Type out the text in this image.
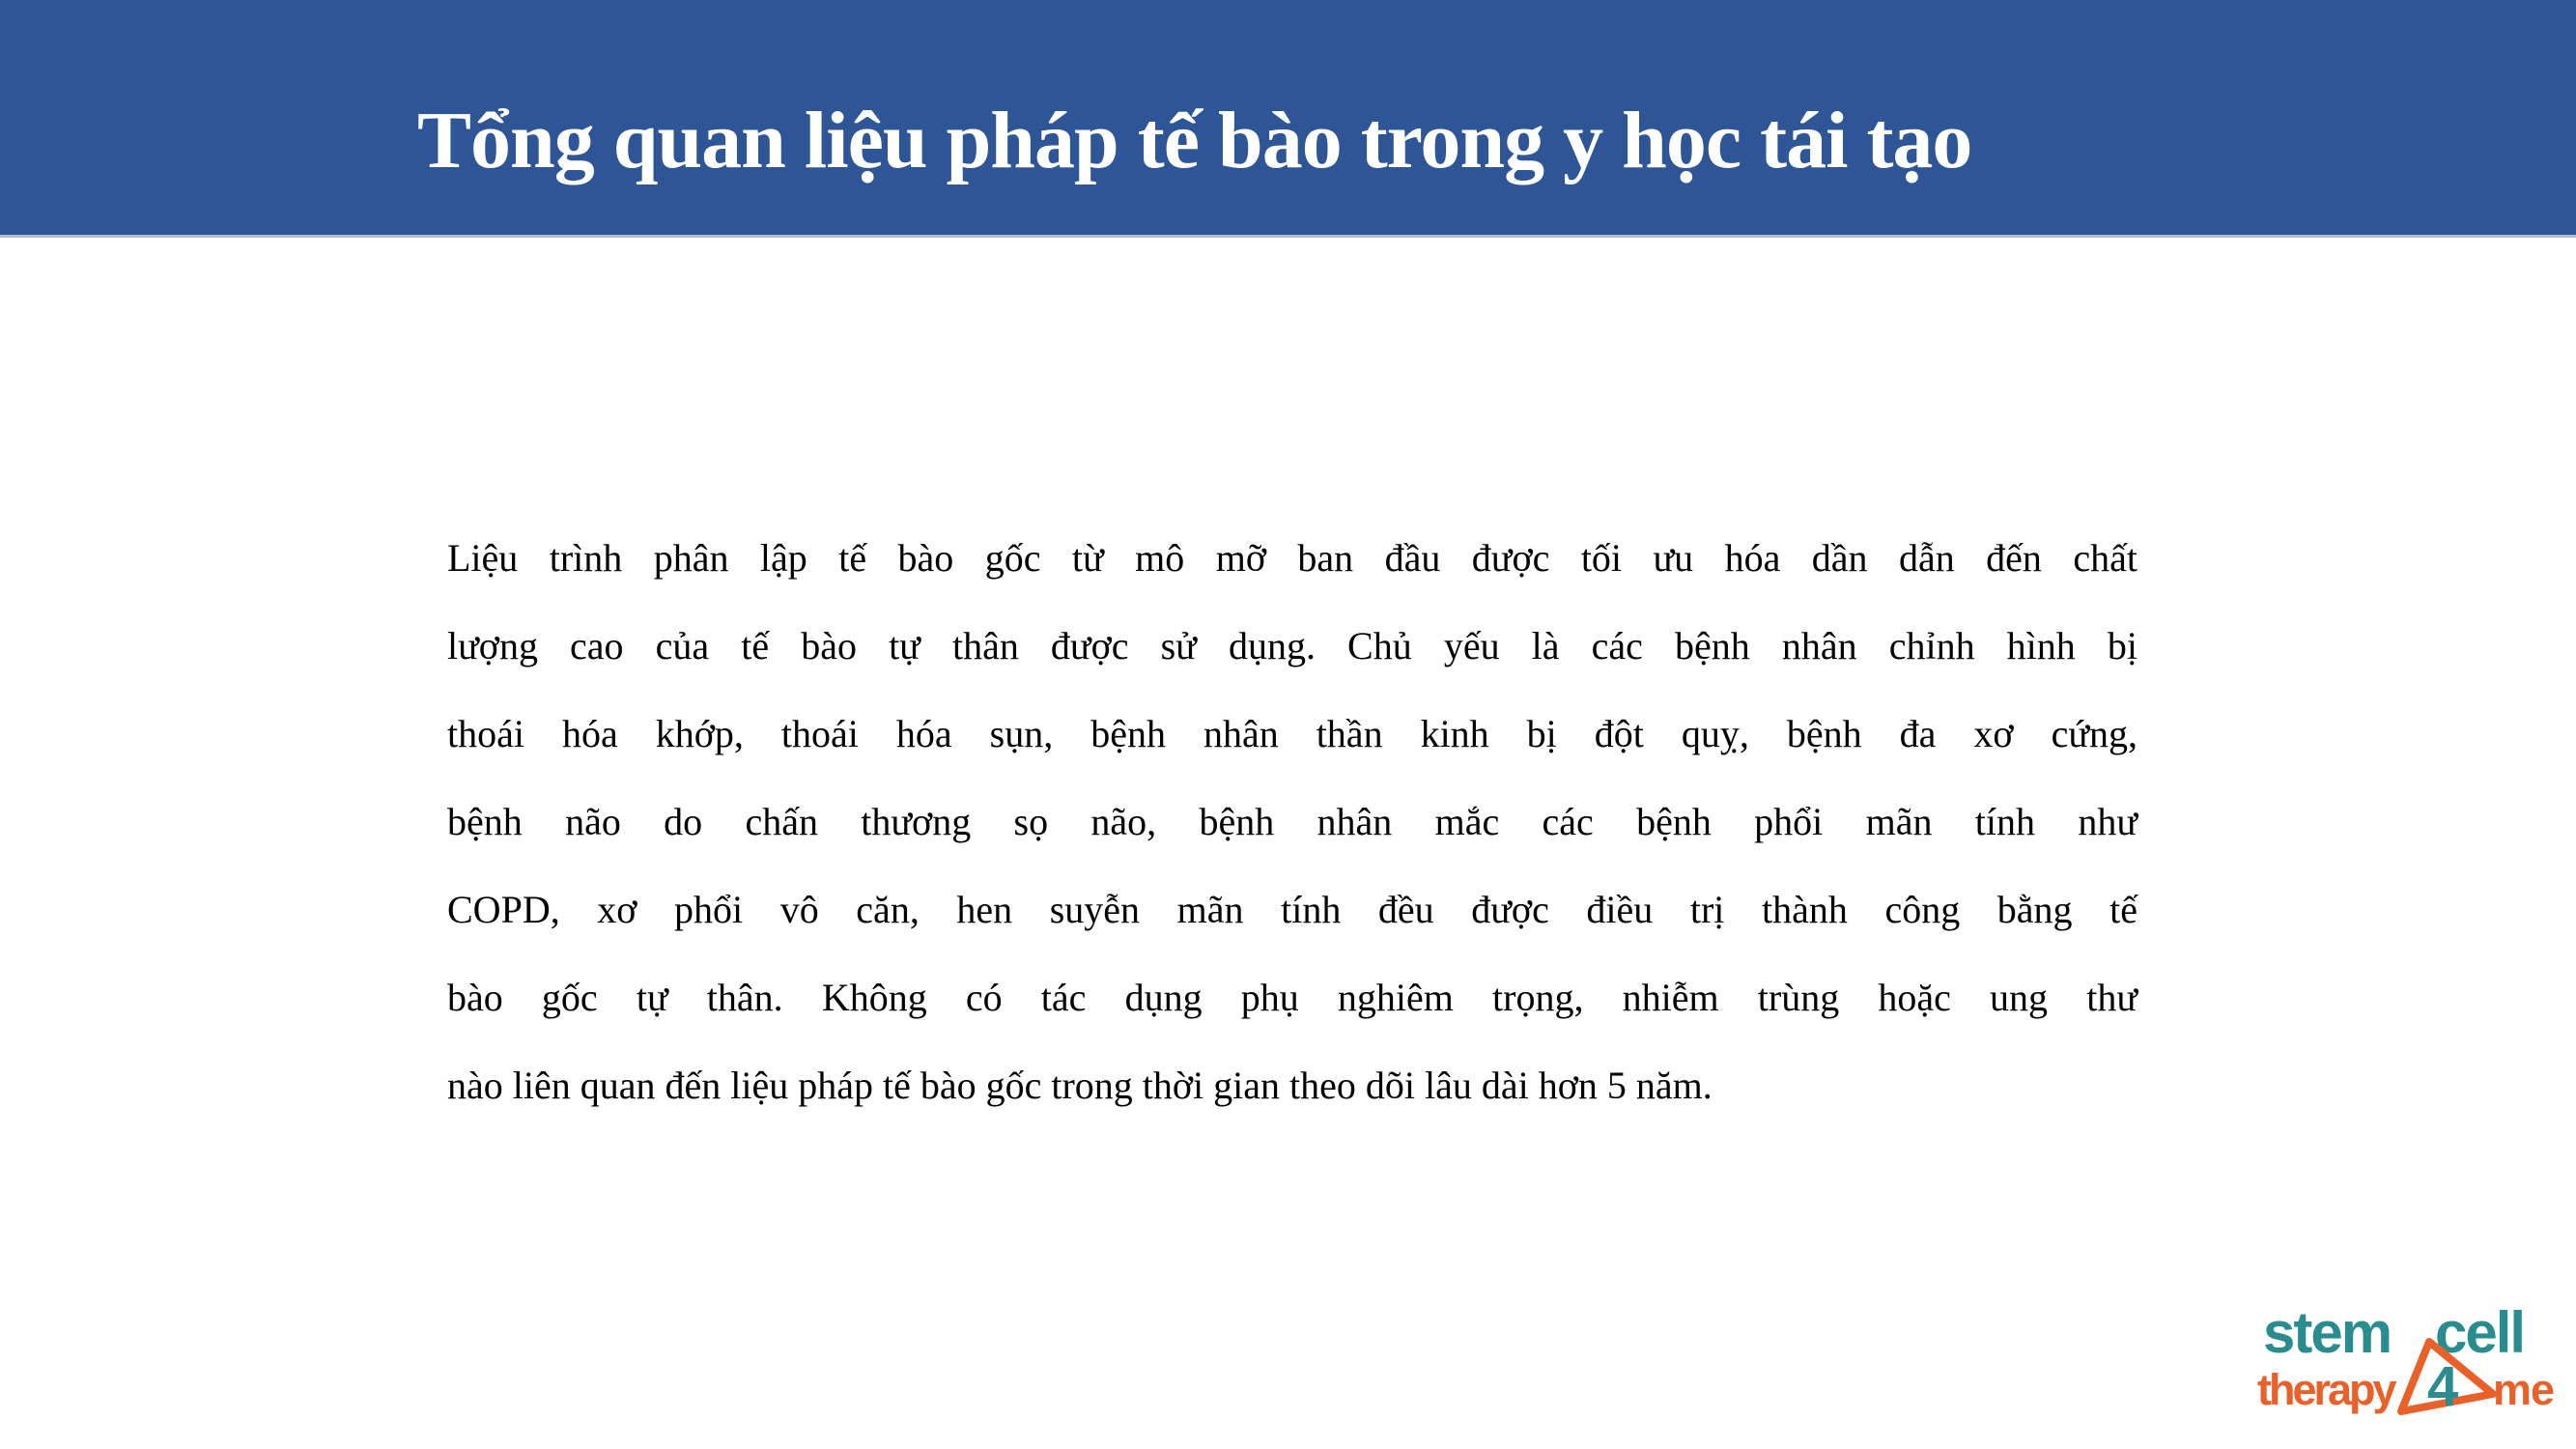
Tổng quan liệu pháp tế bào trong y học tái tạo
Liệu trình phân lập tế bào gốc từ mô mỡ ban đầu được tối ưu hóa dần dẫn đến chất
lượng cao của tế bào tự thân được sử dụng. Chủ yếu là các bệnh nhân chỉnh hình bị
thoái hóa khớp, thoái hóa sụn, bệnh nhân thần kinh bị đột quỵ, bệnh đa xơ cứng,
bệnh não do chấn thương sọ não, bệnh nhân mắc các bệnh phổi mãn tính như
COPD, xơ phổi vô căn, hen suyễn mãn tính đều được điều trị thành công bằng tế
bào gốc tự thân. Không có tác dụng phụ nghiêm trọng, nhiễm trùng hoặc ung thư
nào liên quan đến liệu pháp tế bào gốc trong thời gian theo dõi lâu dài hơn 5 năm.
stem cell
therapy 4 me
